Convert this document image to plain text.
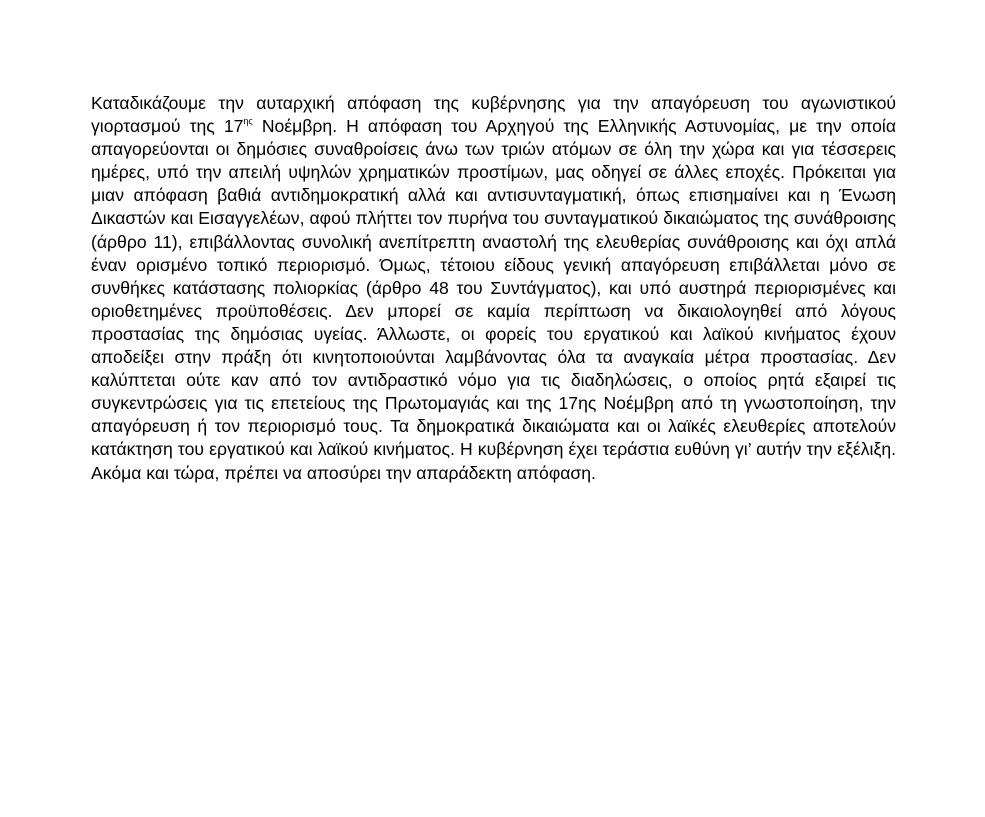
Καταδικάζουμε την αυταρχική απόφαση της κυβέρνησης για την απαγόρευση του αγωνιστικού γιορτασμού της $17^{\eta\varsigma}$ Νοέμβρη. Η απόφαση του Αρχηγού της Ελληνικής Αστυνομίας, με την οποία απαγορεύονται οι δημόσιες συναθροίσεις άνω των τριών ατόμων σε όλη την χώρα και για τέσσερεις ημέρες, υπό την απειλή υψηλών χρηματικών προστίμων, μας οδηγεί σε άλλες εποχές. Πρόκειται για μιαν απόφαση βαθιά αντιδημοκρατική αλλά και αντισυνταγματική, όπως επισημαίνει και η Ένωση Δικαστών και Εισαγγελέων, αφού πλήττει τον πυρήνα του συνταγματικού δικαιώματος της συνάθροισης (άρθρο 11), επιβάλλοντας συνολική ανεπίτρεπτη αναστολή της ελευθερίας συνάθροισης και όχι απλά έναν ορισμένο τοπικό περιορισμό. Όμως, τέτοιου είδους γενική απαγόρευση επιβάλλεται μόνο σε συνθήκες κατάστασης πολιορκίας (άρθρο 48 του Συντάγματος), και υπό αυστηρά περιορισμένες και οριοθετημένες προϋποθέσεις. Δεν μπορεί σε καμία περίπτωση να δικαιολογηθεί από λόγους προστασίας της δημόσιας υγείας. Άλλωστε, οι φορείς του εργατικού και λαϊκού κινήματος έχουν αποδείξει στην πράξη ότι κινητοποιούνται λαμβάνοντας όλα τα αναγκαία μέτρα προστασίας. Δεν καλύπτεται ούτε καν από τον αντιδραστικό νόμο για τις διαδηλώσεις, ο οποίος ρητά εξαιρεί τις συγκεντρώσεις για τις επετείους της Πρωτομαγιάς και της 17ης Νοέμβρη από τη γνωστοποίηση, την απαγόρευση ή τον περιορισμό τους. Τα δημοκρατικά δικαιώματα και οι λαϊκές ελευθερίες αποτελούν κατάκτηση του εργατικού και λαϊκού κινήματος. Η κυβέρνηση έχει τεράστια ευθύνη γι’ αυτήν την εξέλιξη. Ακόμα και τώρα, πρέπει να αποσύρει την απαράδεκτη απόφαση.
